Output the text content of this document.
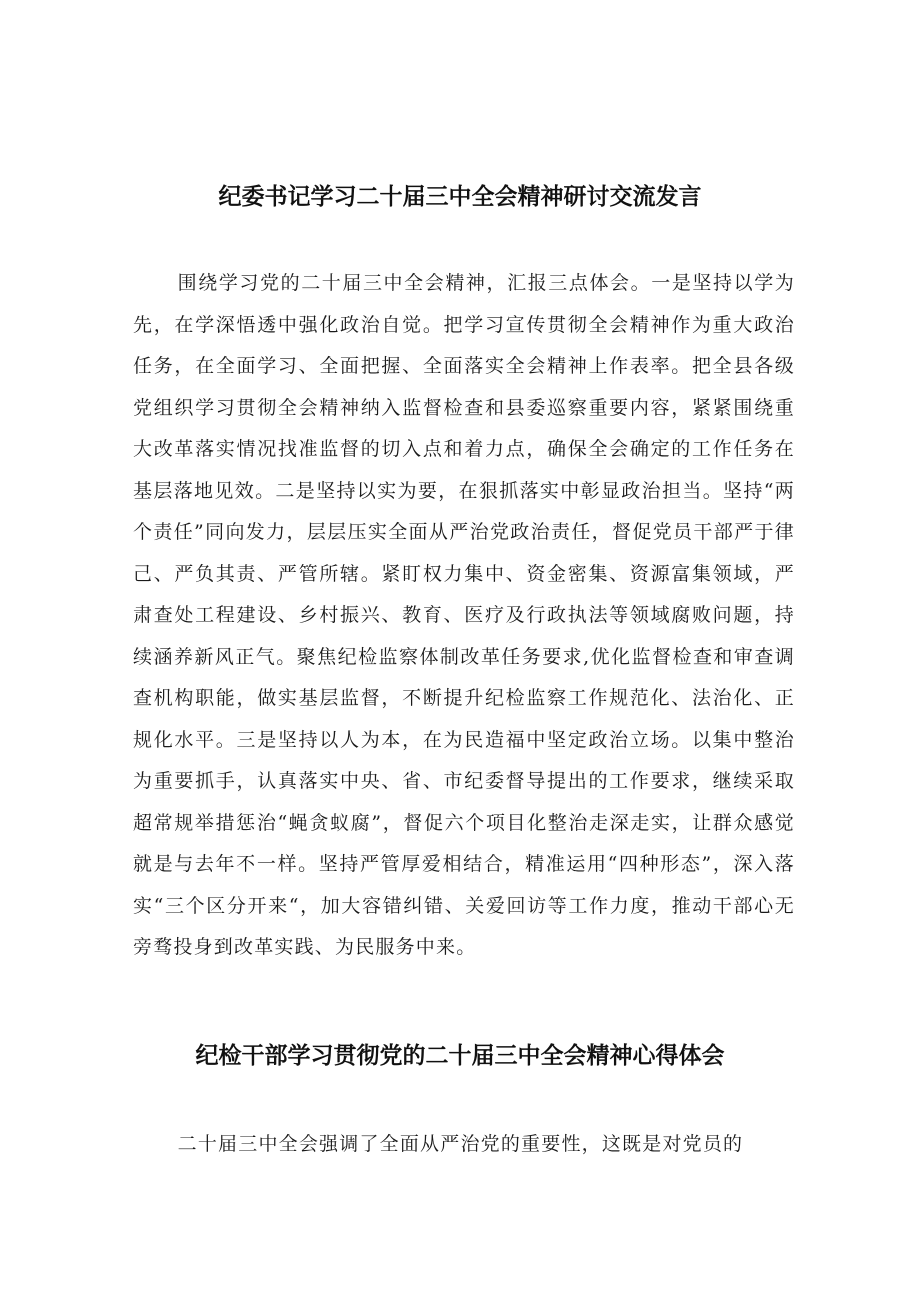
纪委书记学习二十届三中全会精神研讨交流发言

围绕学习党的二十届三中全会精神，汇报三点体会。一是坚持以学为先，在学深悟透中强化政治自觉。把学习宣传贯彻全会精神作为重大政治任务，在全面学习、全面把握、全面落实全会精神上作表率。把全县各级党组织学习贯彻全会精神纳入监督检查和县委巡察重要内容，紧紧围绕重大改革落实情况找准监督的切入点和着力点，确保全会确定的工作任务在基层落地见效。二是坚持以实为要，在狠抓落实中彰显政治担当。坚持“两个责任”同向发力，层层压实全面从严治党政治责任，督促党员干部严于律己、严负其责、严管所辖。紧盯权力集中、资金密集、资源富集领域，严肃查处工程建设、乡村振兴、教育、医疗及行政执法等领域腐败问题，持续涵养新风正气。聚焦纪检监察体制改革任务要求,优化监督检查和审查调查机构职能，做实基层监督，不断提升纪检监察工作规范化、法治化、正规化水平。三是坚持以人为本，在为民造福中坚定政治立场。以集中整治为重要抓手，认真落实中央、省、市纪委督导提出的工作要求，继续采取超常规举措惩治“蝇贪蚁腐”，督促六个项目化整治走深走实，让群众感觉就是与去年不一样。坚持严管厚爱相结合，精准运用“四种形态”，深入落实“三个区分开来“，加大容错纠错、关爱回访等工作力度，推动干部心无旁骛投身到改革实践、为民服务中来。

纪检干部学习贯彻党的二十届三中全会精神心得体会

二十届三中全会强调了全面从严治党的重要性，这既是对党员的
